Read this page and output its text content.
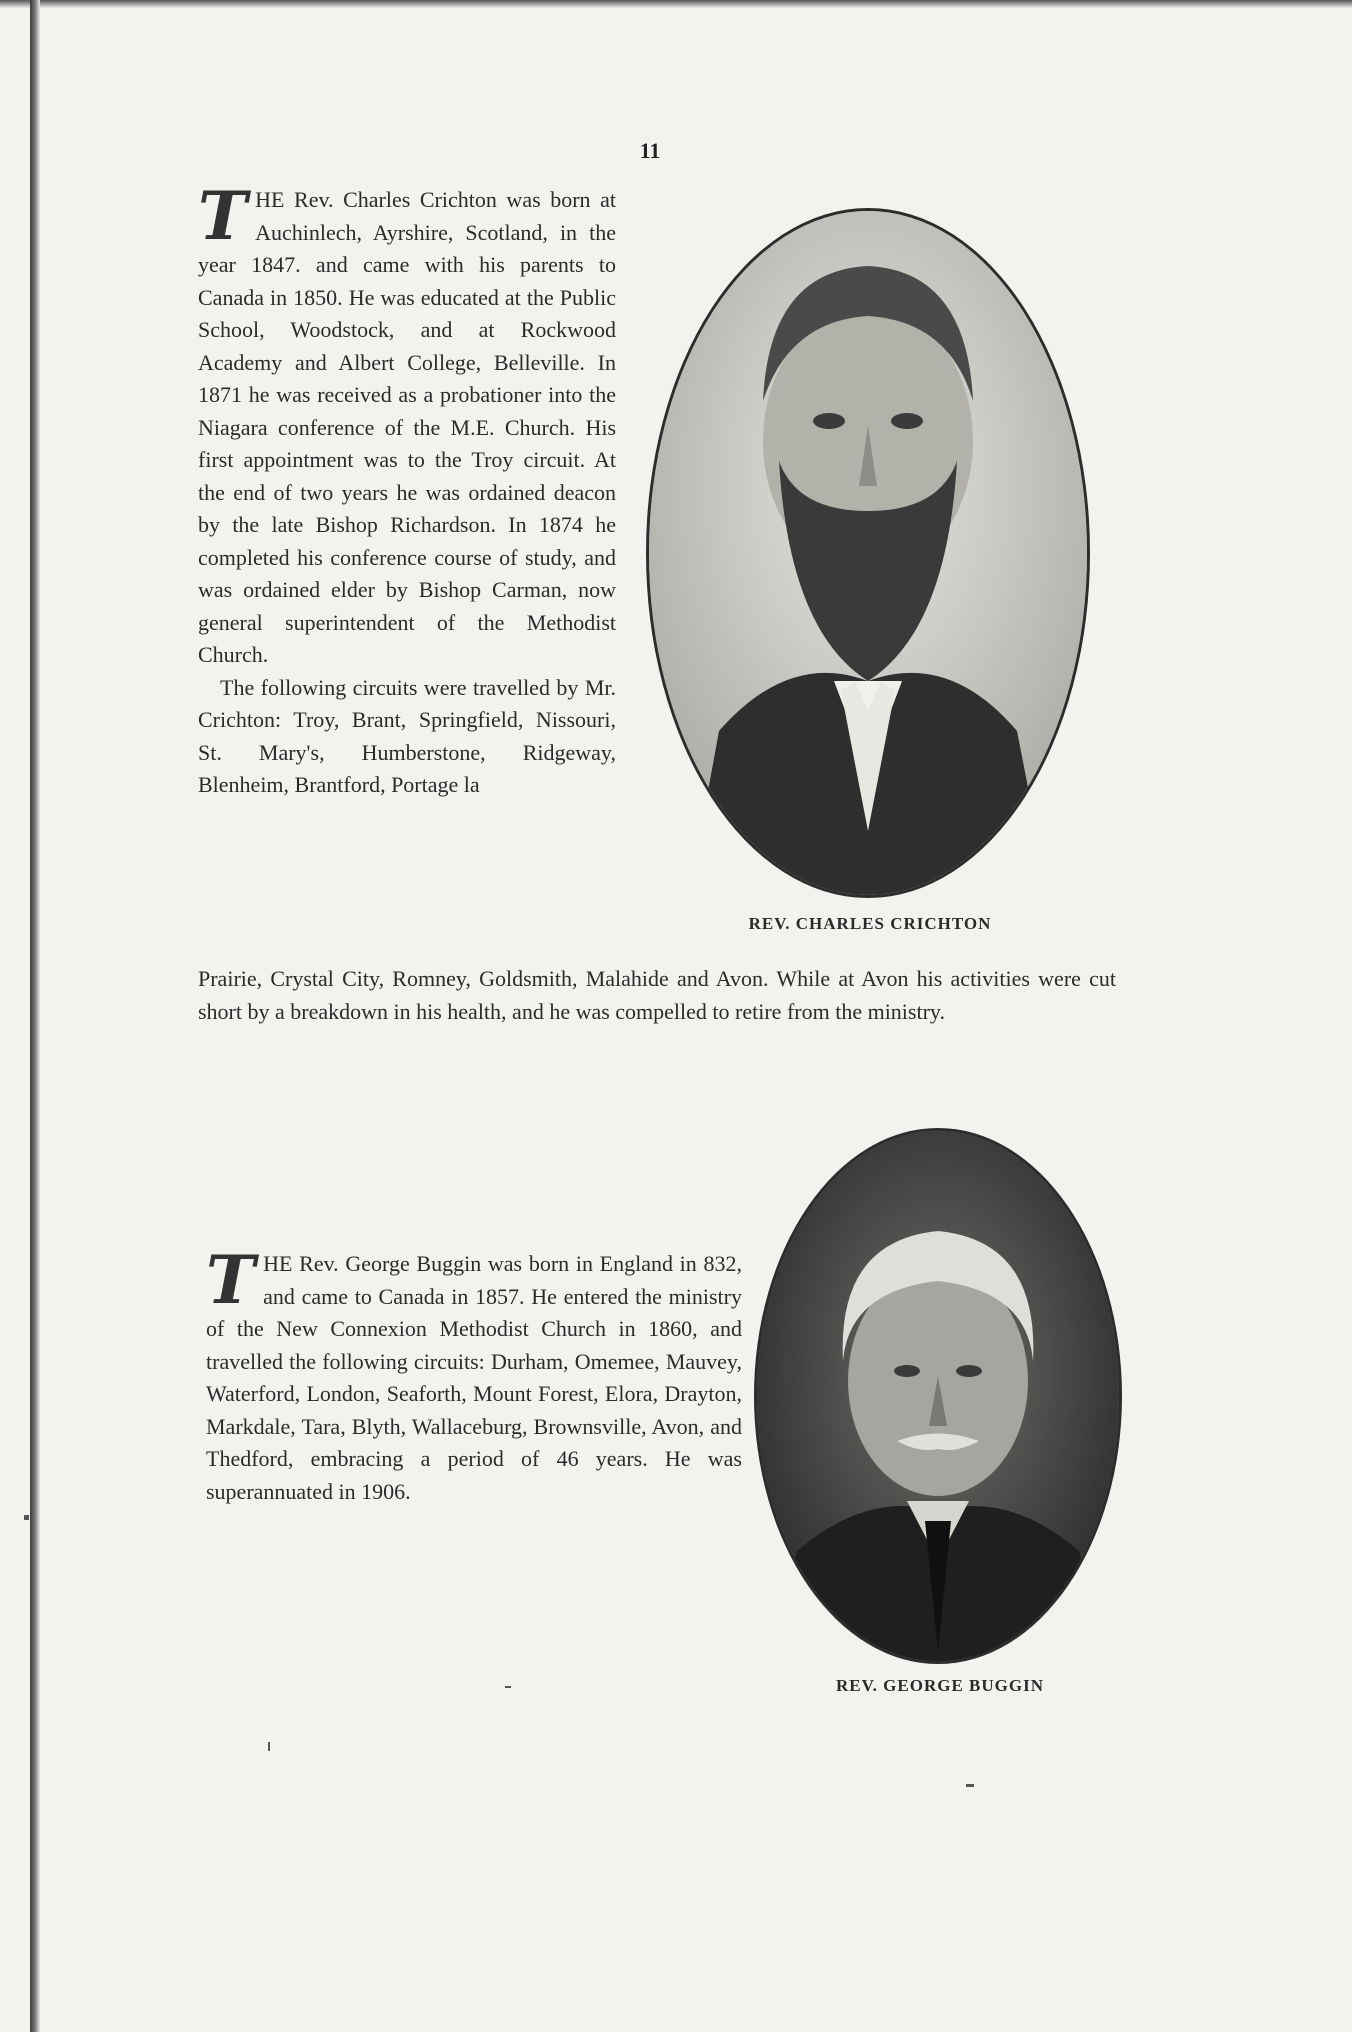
11

THE Rev. Charles Crichton was born at Auchinlech, Ayrshire, Scotland, in the year 1847. and came with his parents to Canada in 1850. He was educated at the Public School, Woodstock, and at Rockwood Academy and Albert College, Belleville. In 1871 he was received as a probationer into the Niagara conference of the M.E. Church. His first appointment was to the Troy circuit. At the end of two years he was ordained deacon by the late Bishop Richardson. In 1874 he completed his conference course of study, and was ordained elder by Bishop Carman, now general superintendent of the Methodist Church.

The following circuits were travelled by Mr. Crichton: Troy, Brant, Springfield, Nissouri, St. Mary's, Humberstone, Ridgeway, Blenheim, Brantford, Portage la

Prairie, Crystal City, Romney, Goldsmith, Malahide and Avon. While at Avon his activities were cut short by a breakdown in his health, and he was compelled to retire from the ministry.
REV. CHARLES CRICHTON

THE Rev. George Buggin was born in England in 832, and came to Canada in 1857. He entered the ministry of the New Connexion Methodist Church in 1860, and travelled the following circuits: Durham, Omemee, Mauvey, Waterford, London, Seaforth, Mount Forest, Elora, Drayton, Markdale, Tara, Blyth, Wallaceburg, Brownsville, Avon, and Thedford, embracing a period of 46 years. He was superannuated in 1906.

REV. GEORGE BUGGIN
